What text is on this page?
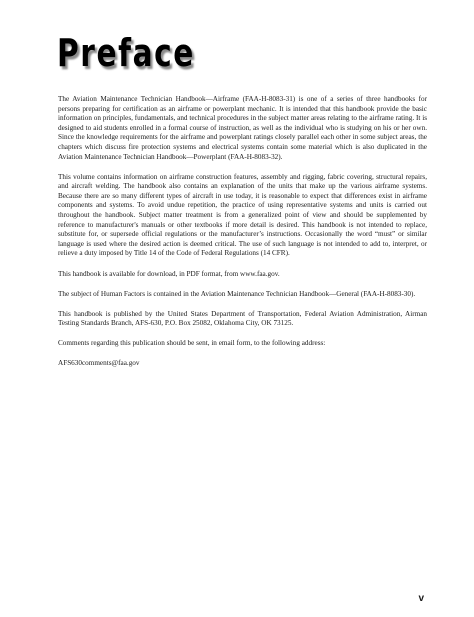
Preface

The Aviation Maintenance Technician Handbook—Airframe (FAA-H-8083-31) is one of a series of three handbooks for persons preparing for certification as an airframe or powerplant mechanic. It is intended that this handbook provide the basic information on principles, fundamentals, and technical procedures in the subject matter areas relating to the airframe rating. It is designed to aid students enrolled in a formal course of instruction, as well as the individual who is studying on his or her own. Since the knowledge requirements for the airframe and powerplant ratings closely parallel each other in some subject areas, the chapters which discuss fire protection systems and electrical systems contain some material which is also duplicated in the Aviation Maintenance Technician Handbook—Powerplant (FAA-H-8083-32).

This volume contains information on airframe construction features, assembly and rigging, fabric covering, structural repairs, and aircraft welding. The handbook also contains an explanation of the units that make up the various airframe systems. Because there are so many different types of aircraft in use today, it is reasonable to expect that differences exist in airframe components and systems. To avoid undue repetition, the practice of using representative systems and units is carried out throughout the handbook. Subject matter treatment is from a generalized point of view and should be supplemented by reference to manufacturer's manuals or other textbooks if more detail is desired. This handbook is not intended to replace, substitute for, or supersede official regulations or the manufacturer’s instructions. Occasionally the word “must” or similar language is used where the desired action is deemed critical. The use of such language is not intended to add to, interpret, or relieve a duty imposed by Title 14 of the Code of Federal Regulations (14 CFR).

This handbook is available for download, in PDF format, from www.faa.gov.

The subject of Human Factors is contained in the Aviation Maintenance Technician Handbook—General (FAA-H-8083-30).

This handbook is published by the United States Department of Transportation, Federal Aviation Administration, Airman Testing Standards Branch, AFS-630, P.O. Box 25082, Oklahoma City, OK 73125.

Comments regarding this publication should be sent, in email form, to the following address:

AFS630comments@faa.gov

v
